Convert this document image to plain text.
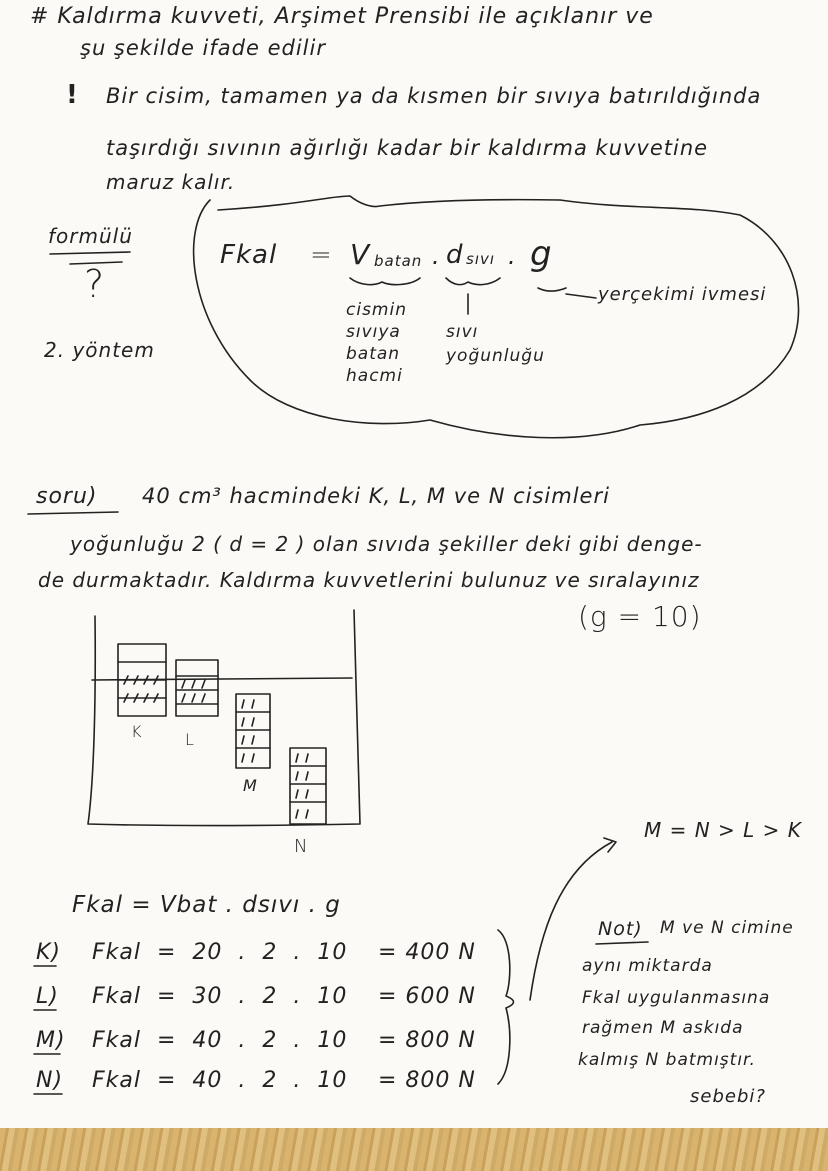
# Kaldırma kuvveti, Arşimet Prensibi ile açıklanır ve

şu şekilde ifade edilir

! Bir cisim, tamamen ya da kısmen bir sıvıya batırıldığında

taşırdığı sıvının ağırlığı kadar bir kaldırma kuvvetine

maruz kalır.

formülü

?

2. yöntem

Fkal = V batan . d sıvı . g

cismin

sıvıya

batan

hacmi

sıvı

yoğunluğu

yerçekimi ivmesi

soru) 40 cm³ hacmindeki K, L, M ve N cisimleri

yoğunluğu 2 ( d = 2 ) olan sıvıda şekiller deki gibi denge-

de durmaktadır. Kaldırma kuvvetlerini bulunuz ve sıralayınız

(g = 10)

K	L

M

N

M = N > L > K

Fkal = Vbat . dsıvı . g

K) Fkal = 20 . 2 . 10 = 400 N

L) Fkal = 30 . 2 . 10 = 600 N

M) Fkal = 40 . 2 . 10 = 800 N

N) Fkal = 40 . 2 . 10 = 800 N

Not) M ve N cimine

aynı miktarda

Fkal uygulanmasına

rağmen M askıda

kalmış N batmıştır.

sebebi?
